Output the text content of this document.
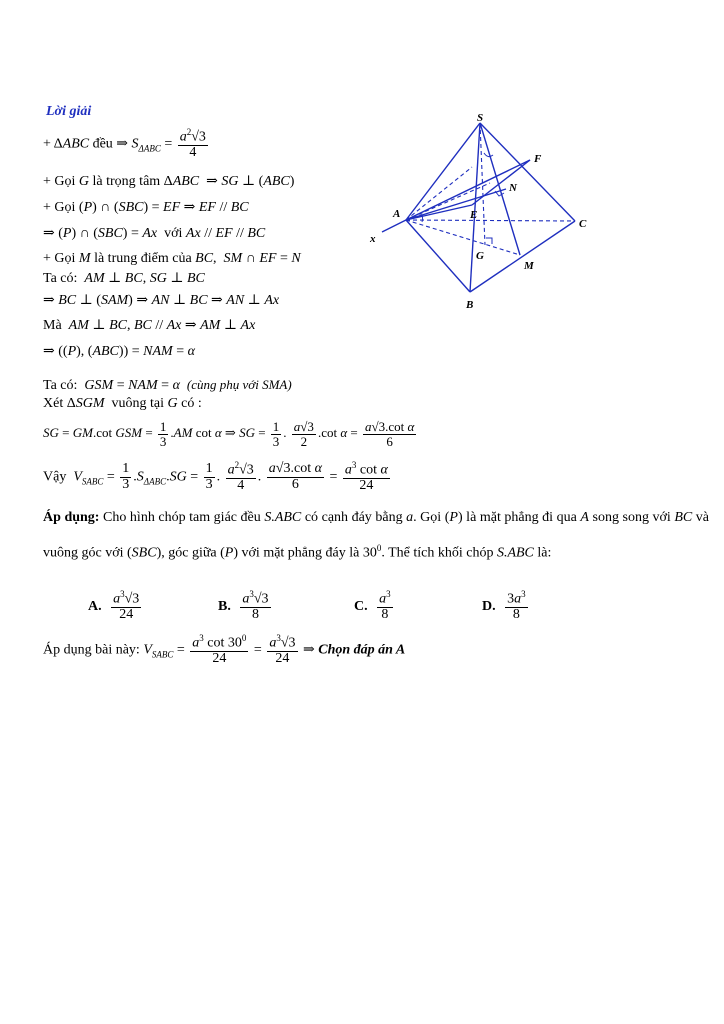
Lời giải
+ ΔABC đều ⇒ $S_{\Delta ABC} = \frac{a^2√3}{4}$
+ Gọi G là trọng tâm ΔABC  ⇒ SG ⊥ (ABC)
+ Gọi (P) ∩ (SBC) = EF ⇒ EF // BC
⇒ (P) ∩ (SBC) = Ax  với Ax // EF // BC
+ Gọi M là trung điểm của BC,  SM ∩ EF = N
Ta có:  AM ⊥ BC, SG ⊥ BC
⇒ BC ⊥ (SAM) ⇒ AN ⊥ BC ⇒ AN ⊥ Ax
Mà  AM ⊥ BC, BC // Ax ⇒ AM ⊥ Ax
⇒ ((P), (ABC)) = NAM = α
Ta có:  GSM = NAM = α (cùng phụ với SMA)
Xét ΔSGM  vuông tại G có :
SG = GM.cot GSM = $\frac{1}{3} .AM$ cot α ⇒ SG = $\frac{1}{3}$ . $\frac{a√3}{2} .\cot$ $\alpha = \frac{\text{a√3.cot α}}{6}$
Vậy  $V_{SABC} = \frac{1}{3} .S_{\Delta ABC}.SG = \frac{1}{3}$ . $\frac{a^2√3}{4}$ . $\frac{\text{a√3.cot α}}{6} = \frac{a^3 \cot \alpha}{24}$
Áp dụng: Cho hình chóp tam giác đều S.ABC có cạnh đáy bằng a. Gọi (P) là mặt phẳng đi qua A song song với BC và vuông góc với (SBC), góc giữa (P) với mặt phẳng đáy là $30^0$. Thể tích khối chóp S.ABC là:
A. $\frac{a^3√3}{24}$	B. $\frac{a^3√3}{8}$	C. $\frac{a^3}{8}$	D. $\frac{3a^3}{8}$
Áp dụng bài này: $V_{SABC} = \frac{a^3 \cot 30^0}{24} = \frac{a^3√3}{24}$ ⇒ Chọn đáp án A
S
F
N
A	E
C
x
G
M
B
